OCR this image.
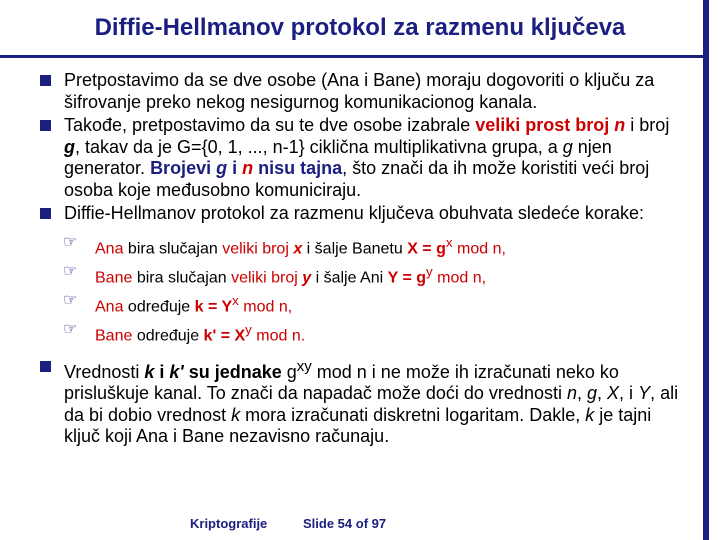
Diffie-Hellmanov protokol za razmenu ključeva
Pretpostavimo da se dve osobe (Ana i Bane) moraju dogovoriti o ključu za šifrovanje preko nekog nesigurnog komunikacionog kanala.
Takođe, pretpostavimo da su te dve osobe izabrale veliki prost broj n i broj g, takav da je G={0, 1, ..., n-1} ciklična multiplikativna grupa, a g njen generator. Brojevi g i n nisu tajna, što znači da ih može koristiti veći broj osoba koje međusobno komuniciraju.
Diffie-Hellmanov protokol za razmenu ključeva obuhvata sledeće korake:
☞ Ana bira slučajan veliki broj x i šalje Banetu $X = g^x$ mod n,
☞ Bane bira slučajan veliki broj y i šalje Ani $Y = g^y$ mod n,
☞ Ana određuje $k = Y^x$ mod n,
☞ Bane određuje $k' = X^y$ mod n.
Vrednosti k i k' su jednake $g^{xy}$ mod n i ne može ih izračunati neko ko prisluškuje kanal. To znači da napadač može doći do vrednosti n, g, X, i Y, ali da bi dobio vrednost k mora izračunati diskretni logaritam. Dakle, k je tajni ključ koji Ana i Bane nezavisno računaju.
Kriptografije	Slide 54 of 97
